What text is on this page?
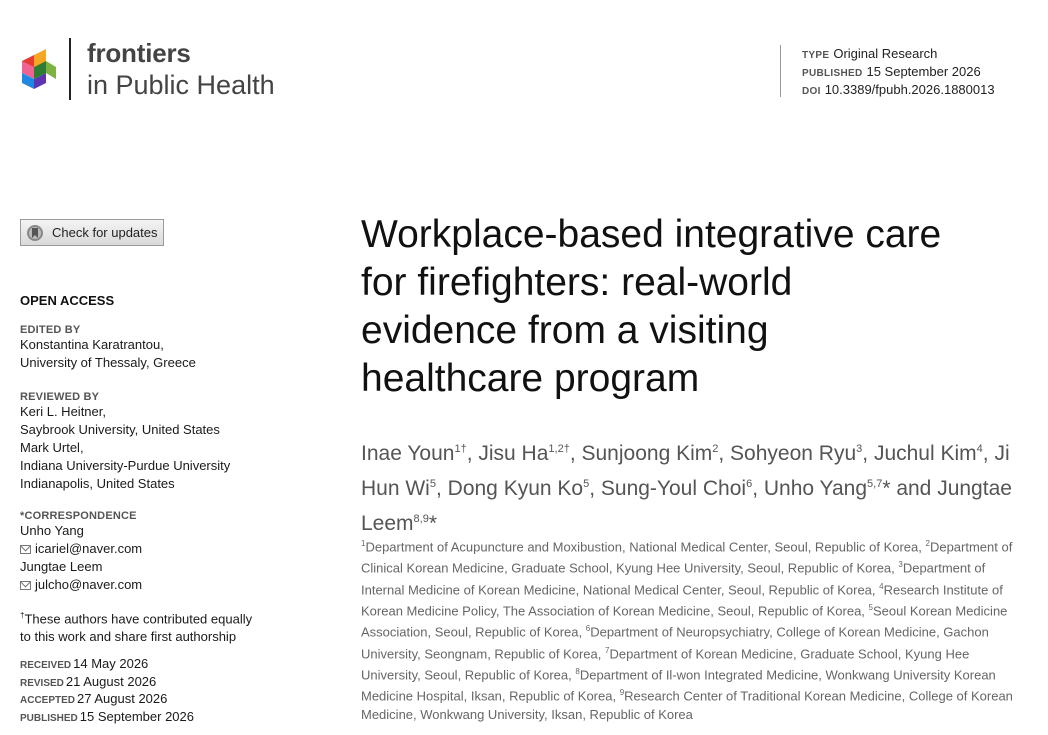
frontiers
in Public Health
TYPE Original Research
PUBLISHED 15 September 2026
DOI 10.3389/fpubh.2026.1880013
Check for updates
OPEN ACCESS
EDITED BY
Konstantina Karatrantou,
University of Thessaly, Greece
REVIEWED BY
Keri L. Heitner,
Saybrook University, United States
Mark Urtel,
Indiana University-Purdue University
Indianapolis, United States
*CORRESPONDENCE
Unho Yang
icariel@naver.com
Jungtae Leem
julcho@naver.com
†These authors have contributed equally
to this work and share first authorship
RECEIVED 14 May 2026
REVISED 21 August 2026
ACCEPTED 27 August 2026
PUBLISHED 15 September 2026
Workplace-based integrative care
for firefighters: real-world
evidence from a visiting
healthcare program
Inae Youn$^{1\dagger}$, Jisu $Ha^{1,2\dagger}$, Sunjoong Kim$^2$, Sohyeon Ryu$^3$, Juchul Kim$^4$, Ji Hun Wi$^5$, Dong Kyun Ko$^5$, Sung-Youl Choi$^6$, Unho Yang$^{5,7}$* and Jungtae Leem$^{8,9}$*
$^1$Department of Acupuncture and Moxibustion, National Medical Center, Seoul, Republic of Korea, $^2$Department of Clinical Korean Medicine, Graduate School, Kyung Hee University, Seoul, Republic of Korea, $^3$Department of Internal Medicine of Korean Medicine, National Medical Center, Seoul, Republic of Korea, $^4$Research Institute of Korean Medicine Policy, The Association of Korean Medicine, Seoul, Republic of Korea, $^5$Seoul Korean Medicine Association, Seoul, Republic of Korea, $^6$Department of Neuropsychiatry, College of Korean Medicine, Gachon University, Seongnam, Republic of Korea, $^7$Department of Korean Medicine, Graduate School, Kyung Hee University, Seoul, Republic of Korea, $^8$Department of Il-won Integrated Medicine, Wonkwang University Korean Medicine Hospital, Iksan, Republic of Korea, $^9$Research Center of Traditional Korean Medicine, College of Korean Medicine, Wonkwang University, Iksan, Republic of Korea
